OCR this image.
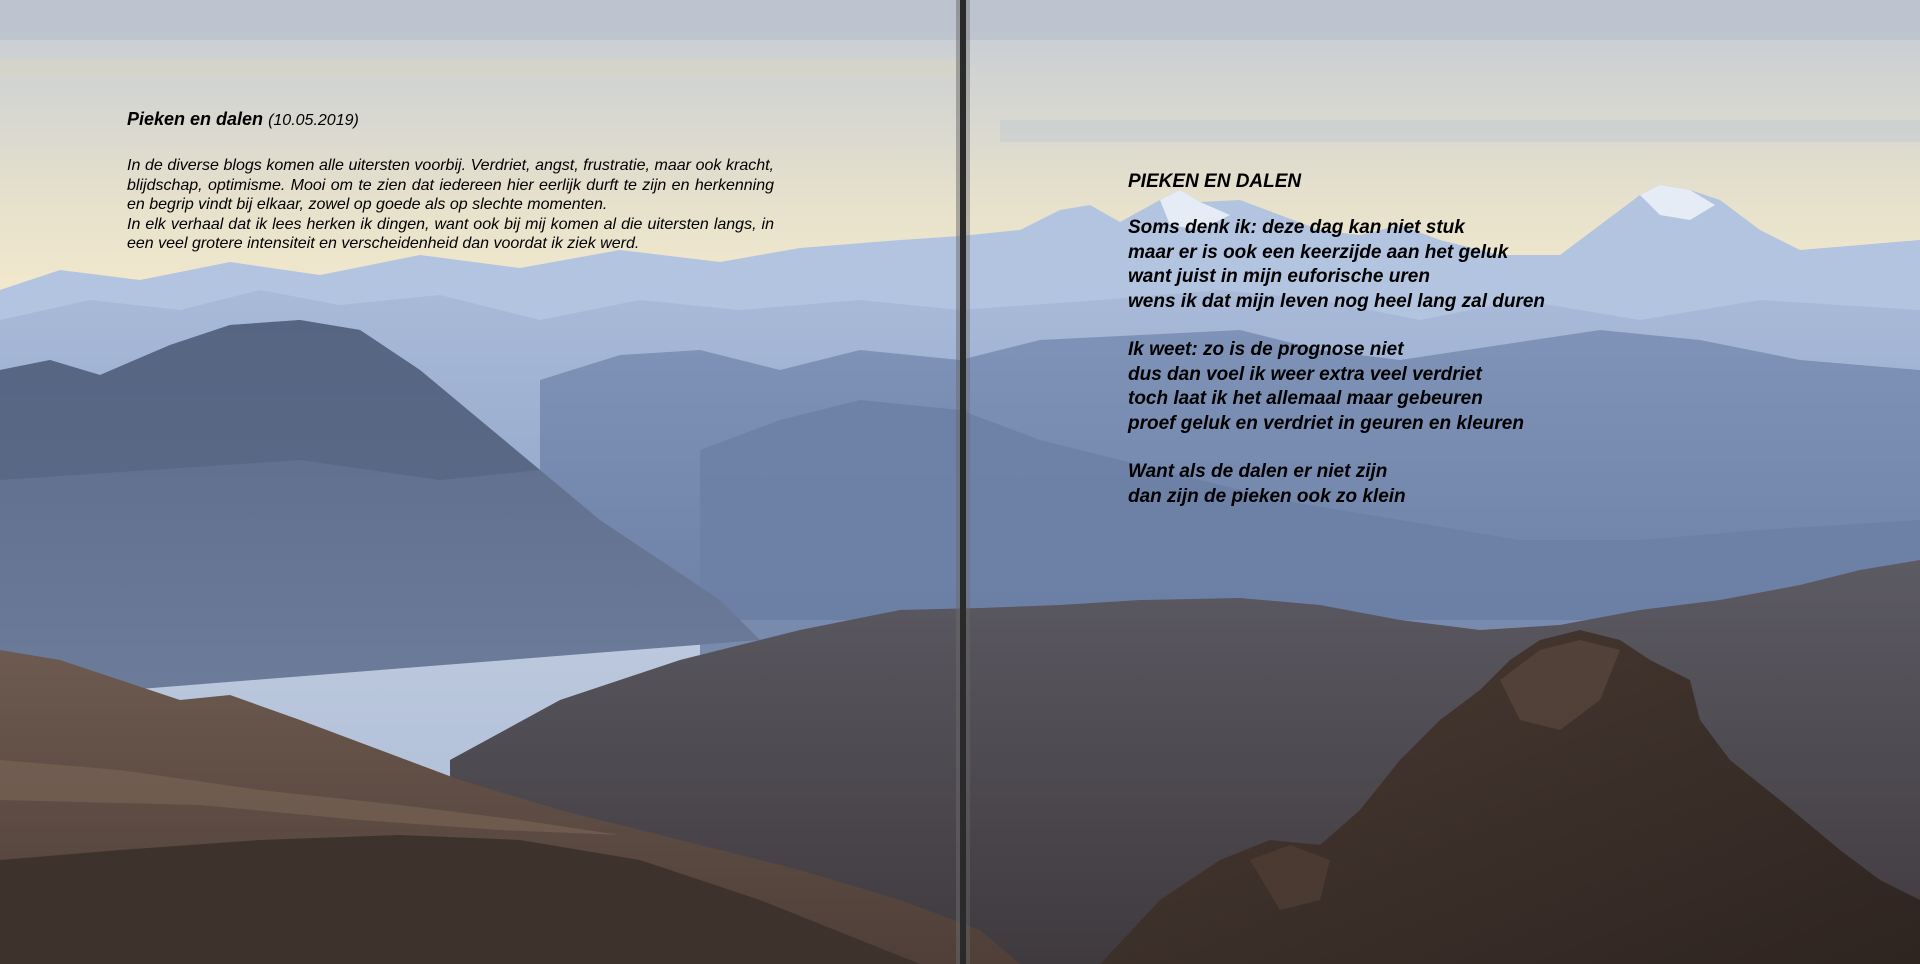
Pieken en dalen (10.05.2019)

In de diverse blogs komen alle uitersten voorbij. Verdriet, angst, frustratie, maar ook kracht, blijdschap, optimisme. Mooi om te zien dat iedereen hier eerlijk durft te zijn en herkenning en begrip vindt bij elkaar, zowel op goede als op slechte momenten.

In elk verhaal dat ik lees herken ik dingen, want ook bij mij komen al die uitersten langs, in een veel grotere intensiteit en verscheidenheid dan voordat ik ziek werd.

PIEKEN EN DALEN
Soms denk ik: deze dag kan niet stuk
maar er is ook een keerzijde aan het geluk
want juist in mijn euforische uren
wens ik dat mijn leven nog heel lang zal duren
Ik weet: zo is de prognose niet
dus dan voel ik weer extra veel verdriet
toch laat ik het allemaal maar gebeuren
proef geluk en verdriet in geuren en kleuren
Want als de dalen er niet zijn
dan zijn de pieken ook zo klein
